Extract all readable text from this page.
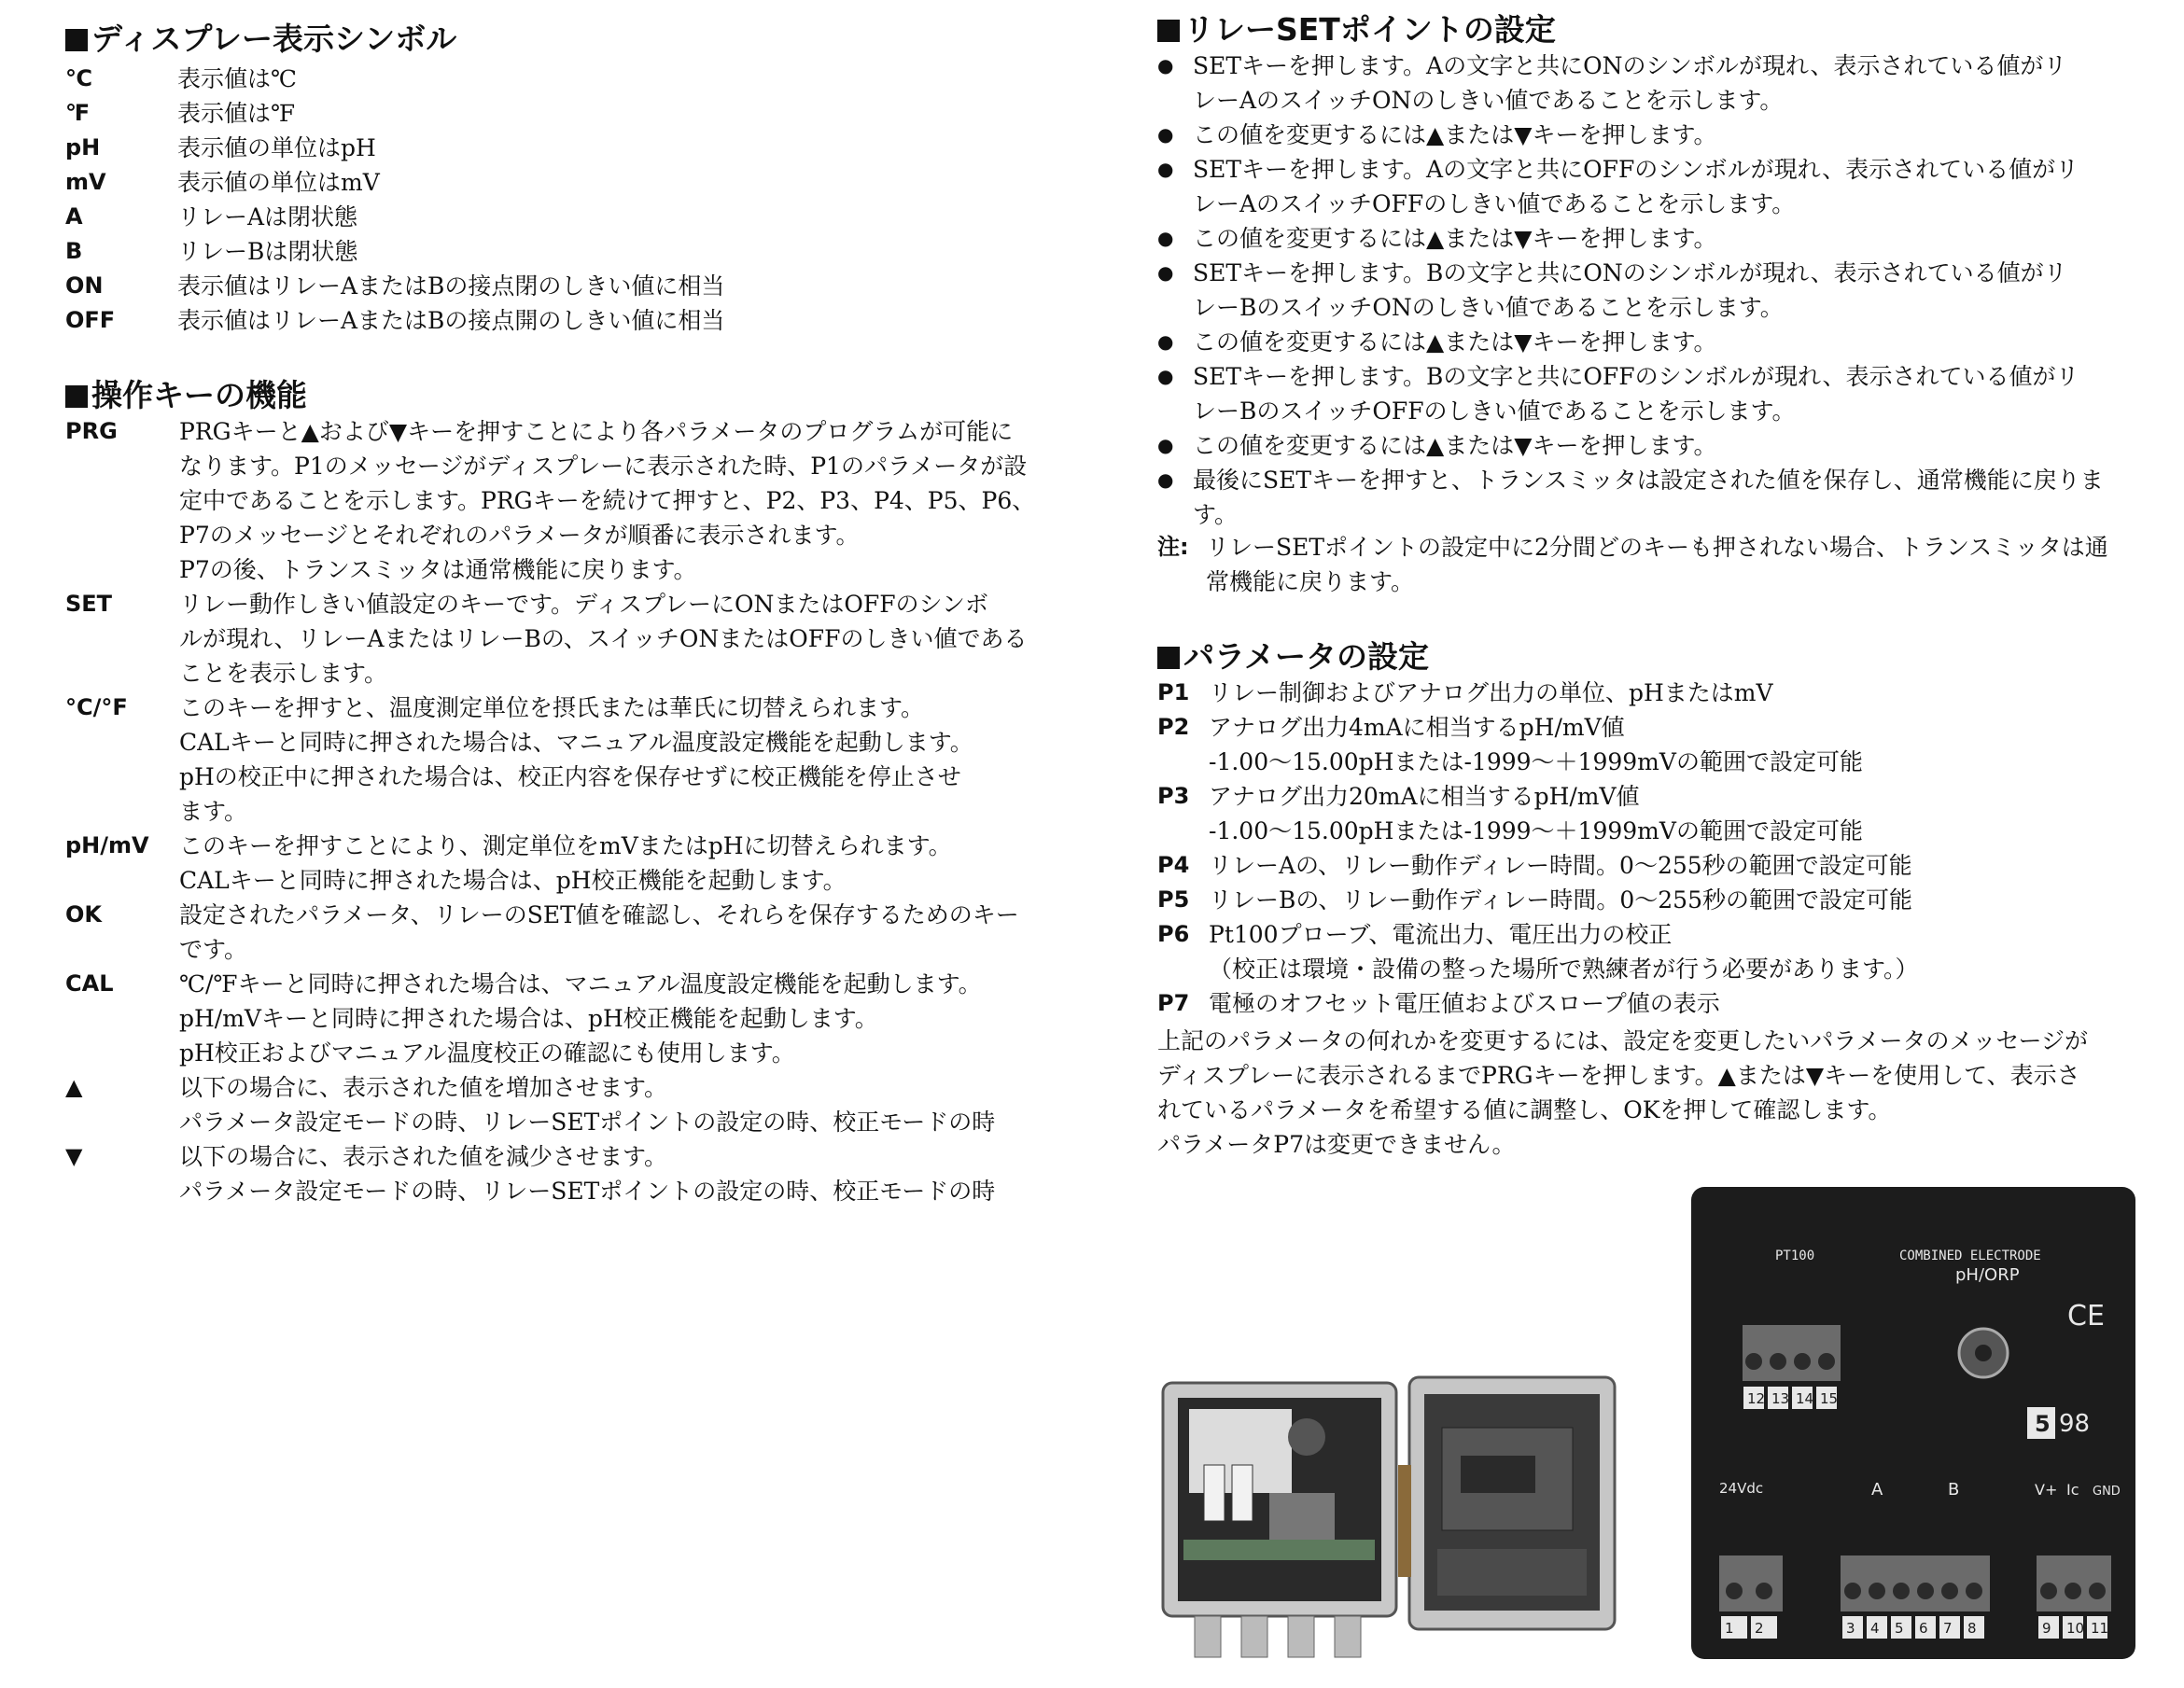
ディスプレー表示シンボル
℃	表示値は℃
℉	表示値は℉
pH	表示値の単位はpH
mV	表示値の単位はmV
A	リレーAは閉状態
B	リレーBは閉状態
ON	表示値はリレーAまたはBの接点閉のしきい値に相当
OFF	表示値はリレーAまたはBの接点開のしきい値に相当
操作キーの機能
PRG	PRGキーと▲および▼キーを押すことにより各パラメータのプログラムが可能に
なります。P1のメッセージがディスプレーに表示された時、P1のパラメータが設
定中であることを示します。PRGキーを続けて押すと、P2、P3、P4、P5、P6、
P7のメッセージとそれぞれのパラメータが順番に表示されます。
P7の後、トランスミッタは通常機能に戻ります。
SET	リレー動作しきい値設定のキーです。ディスプレーにONまたはOFFのシンボ
ルが現れ、リレーAまたはリレーBの、スイッチONまたはOFFのしきい値である
ことを表示します。
°C/°F	このキーを押すと、温度測定単位を摂氏または華氏に切替えられます。
CALキーと同時に押された場合は、マニュアル温度設定機能を起動します。
pHの校正中に押された場合は、校正内容を保存せずに校正機能を停止させ
ます。
pH/mV	このキーを押すことにより、測定単位をmVまたはpHに切替えられます。
CALキーと同時に押された場合は、pH校正機能を起動します。
OK	設定されたパラメータ、リレーのSET値を確認し、それらを保存するためのキー
です。
CAL	℃/℉キーと同時に押された場合は、マニュアル温度設定機能を起動します。
pH/mVキーと同時に押された場合は、pH校正機能を起動します。
pH校正およびマニュアル温度校正の確認にも使用します。
▲	以下の場合に、表示された値を増加させます。
パラメータ設定モードの時、リレーSETポイントの設定の時、校正モードの時
▼	以下の場合に、表示された値を減少させます。
パラメータ設定モードの時、リレーSETポイントの設定の時、校正モードの時
リレーSETポイントの設定
● SETキーを押します。Aの文字と共にONのシンボルが現れ、表示されている値がリ
レーAのスイッチONのしきい値であることを示します。
● この値を変更するには▲または▼キーを押します。
● SETキーを押します。Aの文字と共にOFFのシンボルが現れ、表示されている値がリ
レーAのスイッチOFFのしきい値であることを示します。
● この値を変更するには▲または▼キーを押します。
● SETキーを押します。Bの文字と共にONのシンボルが現れ、表示されている値がリ
レーBのスイッチONのしきい値であることを示します。
● この値を変更するには▲または▼キーを押します。
● SETキーを押します。Bの文字と共にOFFのシンボルが現れ、表示されている値がリ
レーBのスイッチOFFのしきい値であることを示します。
● この値を変更するには▲または▼キーを押します。
● 最後にSETキーを押すと、トランスミッタは設定された値を保存し、通常機能に戻りま
す。
注: リレーSETポイントの設定中に2分間どのキーも押されない場合、トランスミッタは通
常機能に戻ります。
パラメータの設定
P1 リレー制御およびアナログ出力の単位、pHまたはmV
P2 アナログ出力4mAに相当するpH/mV値
-1.00〜15.00pHまたは-1999〜＋1999mVの範囲で設定可能
P3 アナログ出力20mAに相当するpH/mV値
-1.00〜15.00pHまたは-1999〜＋1999mVの範囲で設定可能
P4 リレーAの、リレー動作ディレー時間。0〜255秒の範囲で設定可能
P5 リレーBの、リレー動作ディレー時間。0〜255秒の範囲で設定可能
P6 Pt100プローブ、電流出力、電圧出力の校正
（校正は環境・設備の整った場所で熟練者が行う必要があります。）
P7 電極のオフセット電圧値およびスロープ値の表示

上記のパラメータの何れかを変更するには、設定を変更したいパラメータのメッセージが
ディスプレーに表示されるまでPRGキーを押します。▲または▼キーを使用して、表示さ
れているパラメータを希望する値に調整し、OKを押して確認します。
パラメータP7は変更できません。

PT100	COMBINED ELECTRODE
pH/ORP
CE
5 98
12 13 14 15
24Vdc	A	B	V+ Ic GND
1 2	3 4 5 6 7 8	9 10 11
